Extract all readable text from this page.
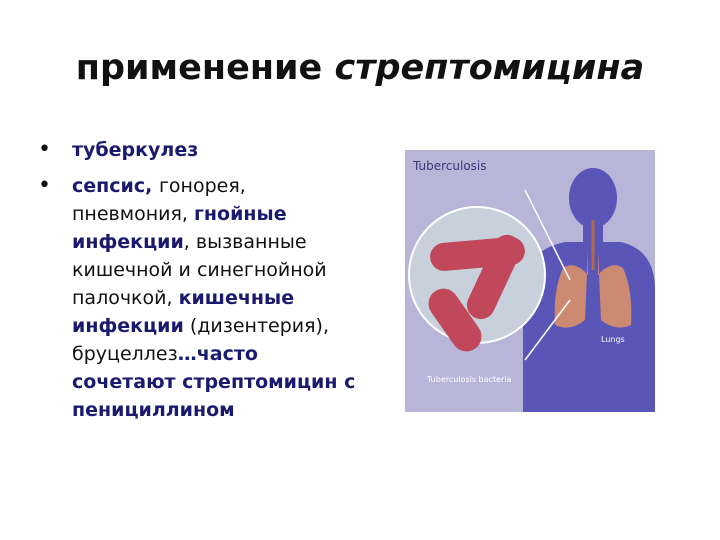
применение стрептомицина
• туберкулез
• сепсис, гонорея, пневмония, гнойные инфекции, вызванные кишечной и синегнойной палочкой, кишечные инфекции (дизентерия), бруцеллез…часто сочетают стрептомицин с пенициллином
Tuberculosis
Lungs
Tuberculosis bacteria
